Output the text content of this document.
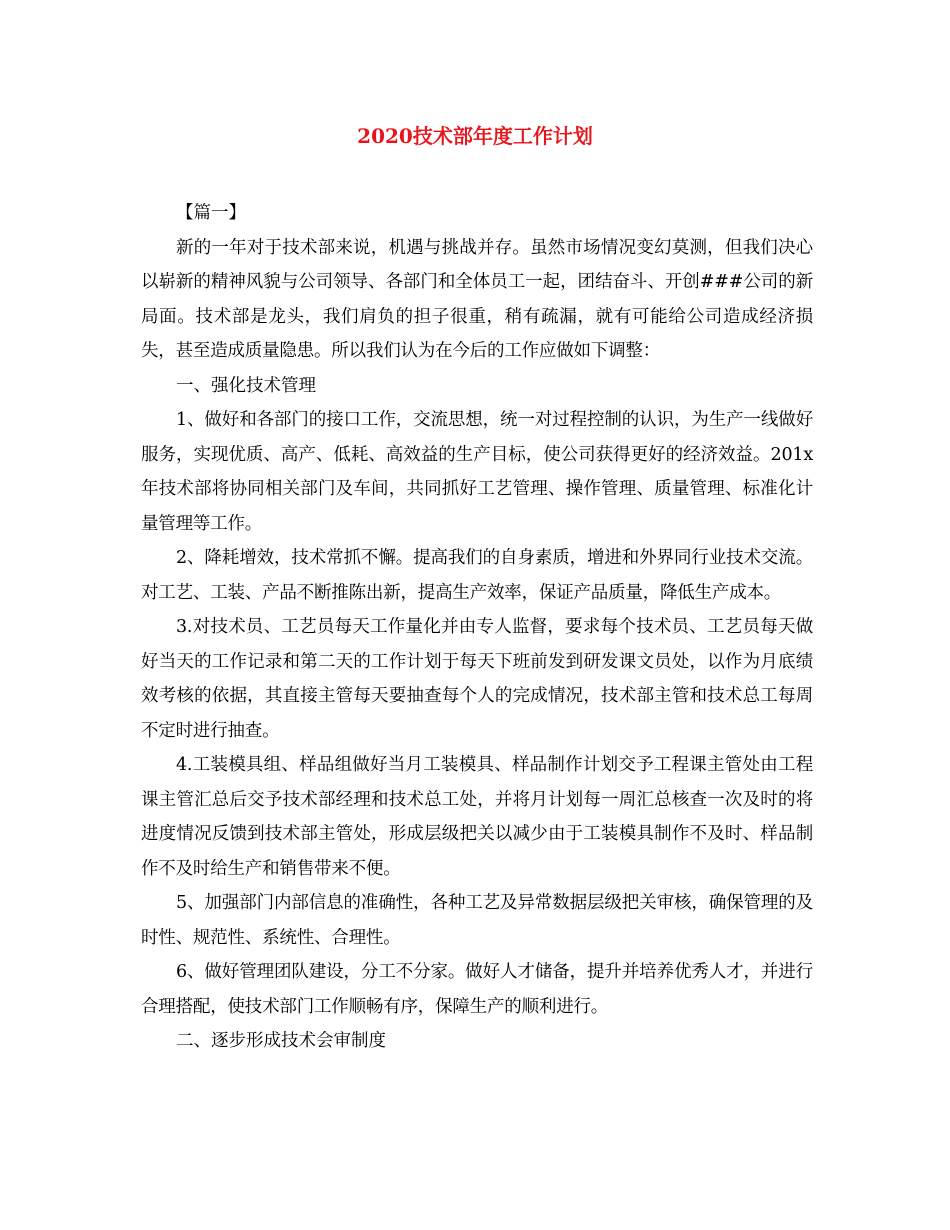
2020技术部年度工作计划

【篇一】

新的一年对于技术部来说，机遇与挑战并存。虽然市场情况变幻莫测，但我们决心以崭新的精神风貌与公司领导、各部门和全体员工一起，团结奋斗、开创###公司的新局面。技术部是龙头，我们肩负的担子很重，稍有疏漏，就有可能给公司造成经济损失，甚至造成质量隐患。所以我们认为在今后的工作应做如下调整：

一、强化技术管理

1、做好和各部门的接口工作，交流思想，统一对过程控制的认识，为生产一线做好服务，实现优质、高产、低耗、高效益的生产目标，使公司获得更好的经济效益。201x年技术部将协同相关部门及车间，共同抓好工艺管理、操作管理、质量管理、标准化计量管理等工作。

2、降耗增效，技术常抓不懈。提高我们的自身素质，增进和外界同行业技术交流。对工艺、工装、产品不断推陈出新，提高生产效率，保证产品质量，降低生产成本。

3.对技术员、工艺员每天工作量化并由专人监督，要求每个技术员、工艺员每天做好当天的工作记录和第二天的工作计划于每天下班前发到研发课文员处，以作为月底绩效考核的依据，其直接主管每天要抽查每个人的完成情况，技术部主管和技术总工每周不定时进行抽查。

4.工装模具组、样品组做好当月工装模具、样品制作计划交予工程课主管处由工程课主管汇总后交予技术部经理和技术总工处，并将月计划每一周汇总核查一次及时的将进度情况反馈到技术部主管处，形成层级把关以减少由于工装模具制作不及时、样品制作不及时给生产和销售带来不便。

5、加强部门内部信息的准确性，各种工艺及异常数据层级把关审核，确保管理的及时性、规范性、系统性、合理性。

6、做好管理团队建设，分工不分家。做好人才储备，提升并培养优秀人才，并进行合理搭配，使技术部门工作顺畅有序，保障生产的顺利进行。

二、逐步形成技术会审制度
